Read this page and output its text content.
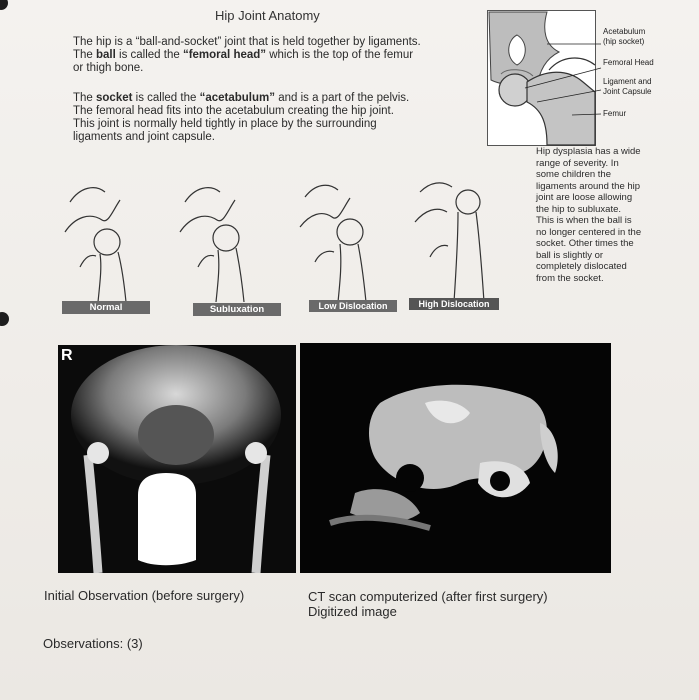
Hip Joint Anatomy
The hip is a “ball-and-socket” joint that is held together by ligaments.
The ball is called the “femoral head” which is the top of the femur
or thigh bone.
The socket is called the “acetabulum” and is a part of the pelvis.
The femoral head fits into the acetabulum creating the hip joint.
This joint is normally held tightly in place by the surrounding
ligaments and joint capsule.
Acetabulum
(hip socket)
Femoral Head
Ligament and
Joint Capsule
Femur
Hip dysplasia has a wide
range of severity. In
some children the
ligaments around the hip
joint are loose allowing
the hip to subluxate.
This is when the ball is
no longer centered in the
socket. Other times the
ball is slightly or
completely dislocated
from the socket.
Normal	Subluxation	Low Dislocation	High Dislocation
R
Initial Observation (before surgery)	CT scan computerized (after first surgery)
Digitized image
Observations: (3)
